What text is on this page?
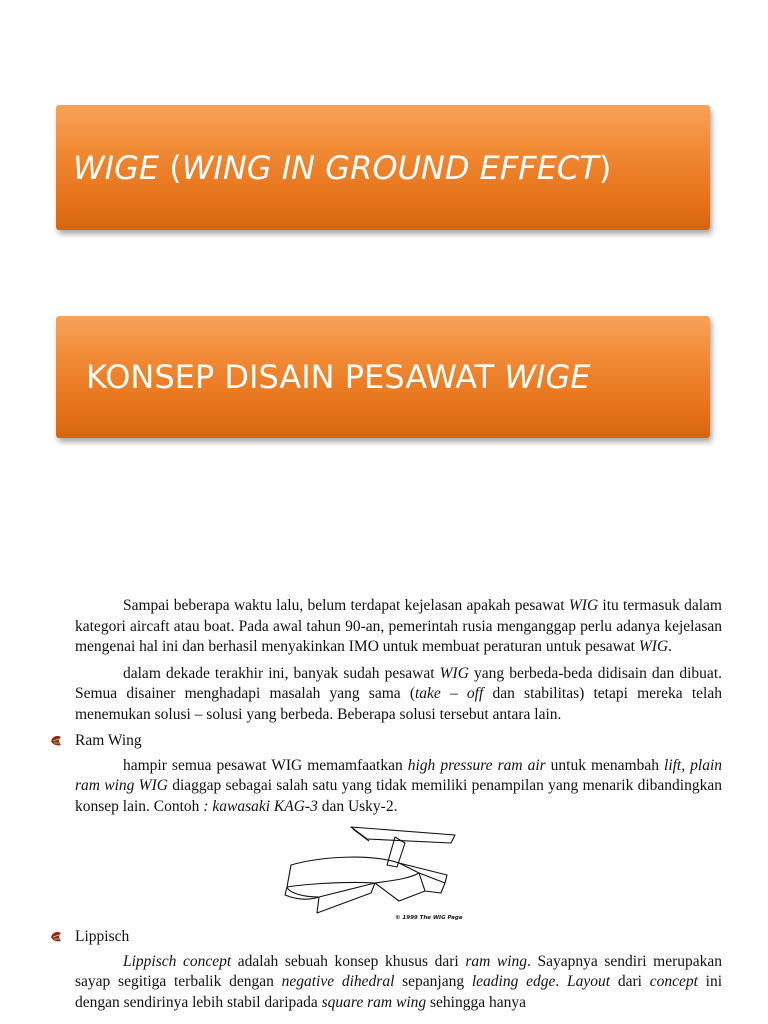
WIGE (WING IN GROUND EFFECT)
KONSEP DISAIN PESAWAT WIGE

Sampai beberapa waktu lalu, belum terdapat kejelasan apakah pesawat WIG itu termasuk dalam kategori aircaft atau boat. Pada awal tahun 90-an, pemerintah rusia menganggap perlu adanya kejelasan mengenai hal ini dan berhasil menyakinkan IMO untuk membuat peraturan untuk pesawat WIG.

dalam dekade terakhir ini, banyak sudah pesawat WIG yang berbeda-beda didisain dan dibuat. Semua disainer menghadapi masalah yang sama (take – off dan stabilitas) tetapi mereka telah menemukan solusi – solusi yang berbeda. Beberapa solusi tersebut antara lain.

Ram Wing

hampir semua pesawat WIG memamfaatkan high pressure ram air untuk menambah lift, plain ram wing WIG diaggap sebagai salah satu yang tidak memiliki penampilan yang menarik dibandingkan konsep lain. Contoh : kawasaki KAG-3 dan Usky-2.

© 1999 The WIG Page
Lippisch

Lippisch concept adalah sebuah konsep khusus dari ram wing. Sayapnya sendiri merupakan sayap segitiga terbalik dengan negative dihedral sepanjang leading edge. Layout dari concept ini dengan sendirinya lebih stabil daripada square ram wing sehingga hanya
